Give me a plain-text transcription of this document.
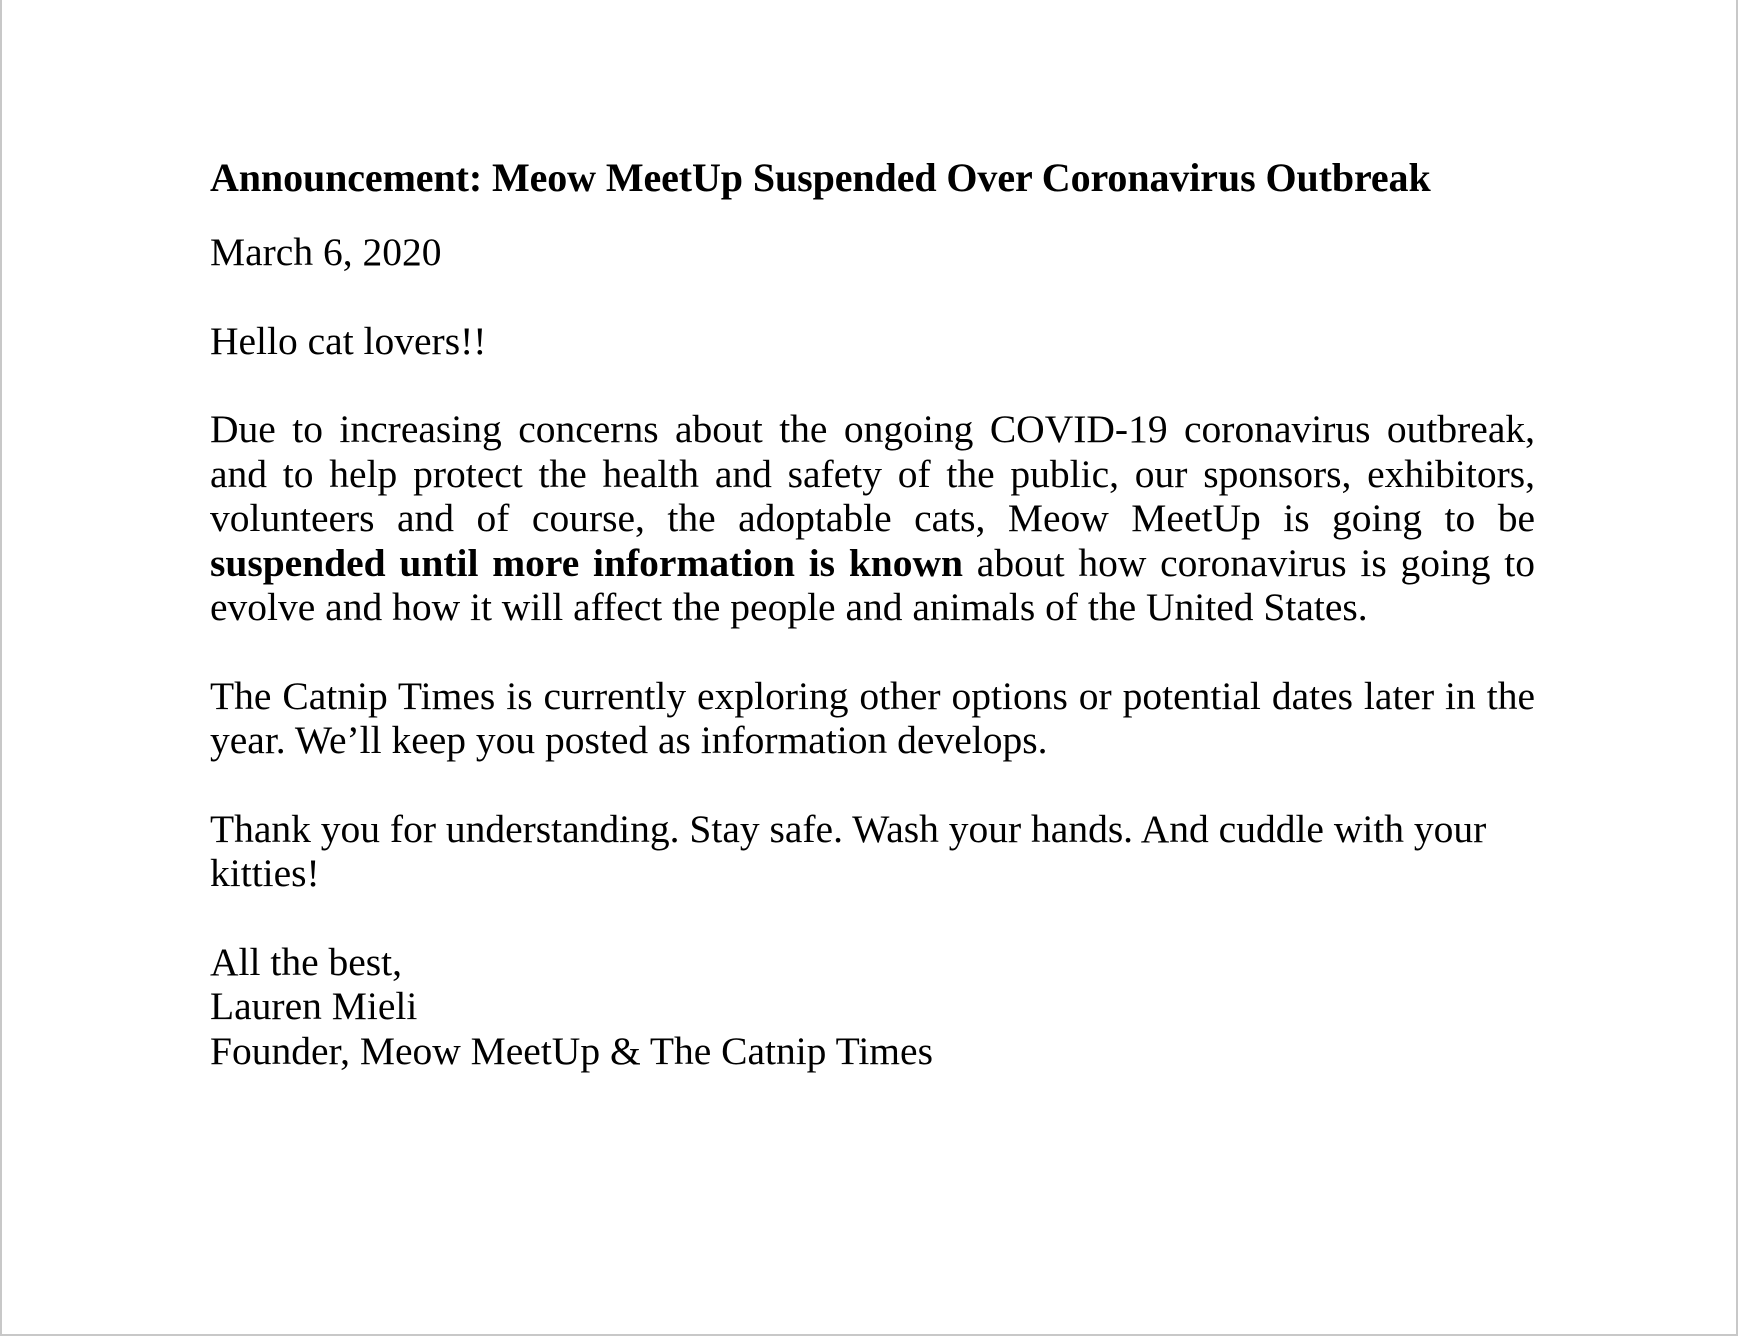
Announcement: Meow MeetUp Suspended Over Coronavirus Outbreak
March 6, 2020
Hello cat lovers!!
Due to increasing concerns about the ongoing COVID-19 coronavirus outbreak, and to help protect the health and safety of the public, our sponsors, exhibitors, volunteers and of course, the adoptable cats, Meow MeetUp is going to be suspended until more information is known about how coronavirus is going to evolve and how it will affect the people and animals of the United States.
The Catnip Times is currently exploring other options or potential dates later in the year. We’ll keep you posted as information develops.
Thank you for understanding. Stay safe. Wash your hands. And cuddle with your kitties!
All the best,
Lauren Mieli
Founder, Meow MeetUp & The Catnip Times
